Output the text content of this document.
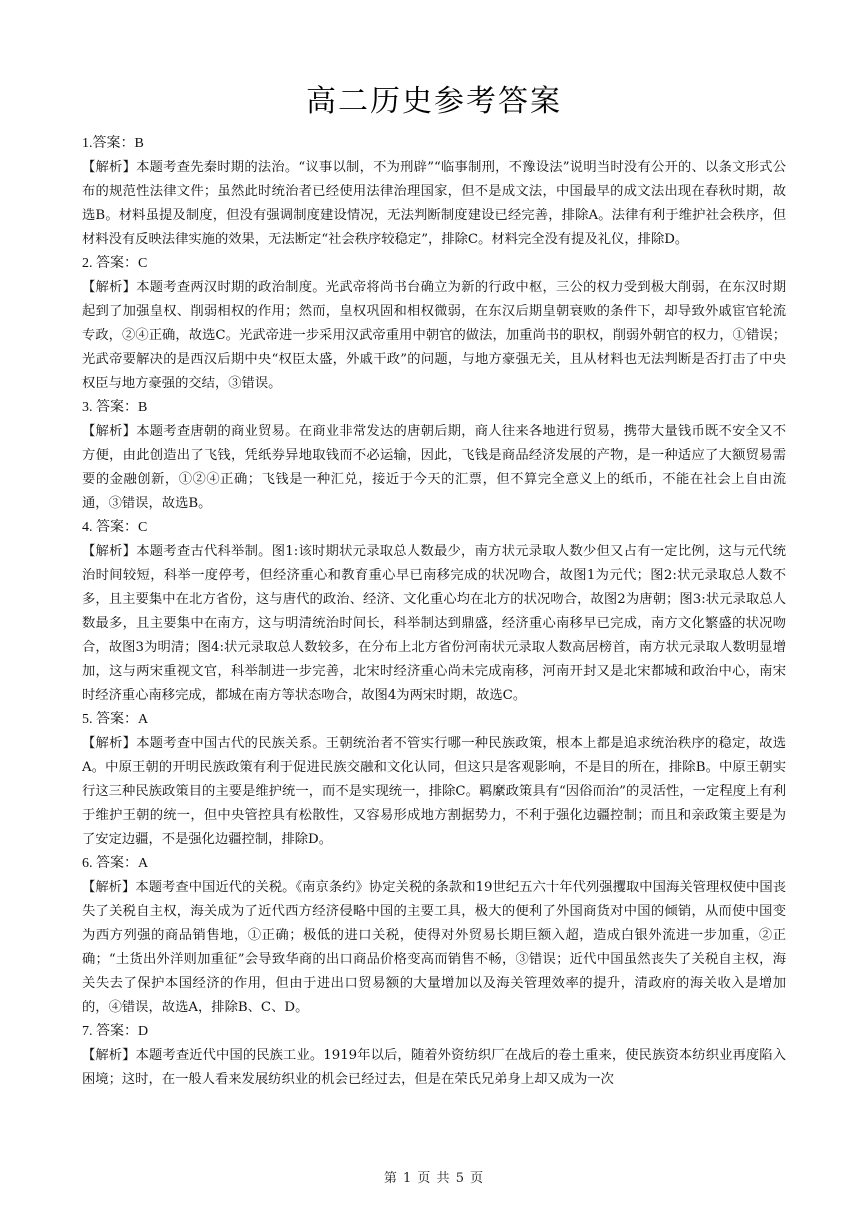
高二历史参考答案
1.答案：B
【解析】本题考查先秦时期的法治。“议事以制，不为刑辟”“临事制刑，不豫设法”说明当时没有公开的、以条文形式公布的规范性法律文件；虽然此时统治者已经使用法律治理国家，但不是成文法，中国最早的成文法出现在春秋时期，故选B。材料虽提及制度，但没有强调制度建设情况，无法判断制度建设已经完善，排除A。法律有利于维护社会秩序，但材料没有反映法律实施的效果，无法断定“社会秩序较稳定”，排除C。材料完全没有提及礼仪，排除D。
2. 答案：C
【解析】本题考查两汉时期的政治制度。光武帝将尚书台确立为新的行政中枢，三公的权力受到极大削弱，在东汉时期起到了加强皇权、削弱相权的作用；然而，皇权巩固和相权微弱，在东汉后期皇朝衰败的条件下，却导致外戚宦官轮流专政，②④正确，故选C。光武帝进一步采用汉武帝重用中朝官的做法，加重尚书的职权，削弱外朝官的权力，①错误；光武帝要解决的是西汉后期中央“权臣太盛，外戚干政”的问题，与地方豪强无关，且从材料也无法判断是否打击了中央权臣与地方豪强的交结，③错误。
3. 答案：B
【解析】本题考查唐朝的商业贸易。在商业非常发达的唐朝后期，商人往来各地进行贸易，携带大量钱币既不安全又不方便，由此创造出了飞钱，凭纸券异地取钱而不必运输，因此，飞钱是商品经济发展的产物，是一种适应了大额贸易需要的金融创新，①②④正确；飞钱是一种汇兑，接近于今天的汇票，但不算完全意义上的纸币，不能在社会上自由流通，③错误，故选B。
4. 答案：C
【解析】本题考查古代科举制。图1:该时期状元录取总人数最少，南方状元录取人数少但又占有一定比例，这与元代统治时间较短，科举一度停考，但经济重心和教育重心早已南移完成的状况吻合，故图1为元代；图2:状元录取总人数不多，且主要集中在北方省份，这与唐代的政治、经济、文化重心均在北方的状况吻合，故图2为唐朝；图3:状元录取总人数最多，且主要集中在南方，这与明清统治时间长，科举制达到鼎盛，经济重心南移早已完成，南方文化繁盛的状况吻合，故图3为明清；图4:状元录取总人数较多，在分布上北方省份河南状元录取人数高居榜首，南方状元录取人数明显增加，这与两宋重视文官，科举制进一步完善，北宋时经济重心尚未完成南移，河南开封又是北宋都城和政治中心，南宋时经济重心南移完成，都城在南方等状态吻合，故图4为两宋时期，故选C。
5. 答案：A
【解析】本题考查中国古代的民族关系。王朝统治者不管实行哪一种民族政策，根本上都是追求统治秩序的稳定，故选A。中原王朝的开明民族政策有利于促进民族交融和文化认同，但这只是客观影响，不是目的所在，排除B。中原王朝实行这三种民族政策目的主要是维护统一，而不是实现统一，排除C。羁縻政策具有“因俗而治”的灵活性，一定程度上有利于维护王朝的统一，但中央管控具有松散性，又容易形成地方割据势力，不利于强化边疆控制；而且和亲政策主要是为了安定边疆，不是强化边疆控制，排除D。
6. 答案：A
【解析】本题考查中国近代的关税。《南京条约》协定关税的条款和19世纪五六十年代列强攫取中国海关管理权使中国丧失了关税自主权，海关成为了近代西方经济侵略中国的主要工具，极大的便利了外国商货对中国的倾销，从而使中国变为西方列强的商品销售地，①正确；极低的进口关税，使得对外贸易长期巨额入超，造成白银外流进一步加重，②正确；“土货出外洋则加重征”会导致华商的出口商品价格变高而销售不畅，③错误；近代中国虽然丧失了关税自主权，海关失去了保护本国经济的作用，但由于进出口贸易额的大量增加以及海关管理效率的提升，清政府的海关收入是增加的，④错误，故选A，排除B、C、D。
7. 答案：D
【解析】本题考查近代中国的民族工业。1919年以后，随着外资纺织厂在战后的卷土重来，使民族资本纺织业再度陷入困境；这时，在一般人看来发展纺织业的机会已经过去，但是在荣氏兄弟身上却又成为一次
第 1 页 共 5 页
